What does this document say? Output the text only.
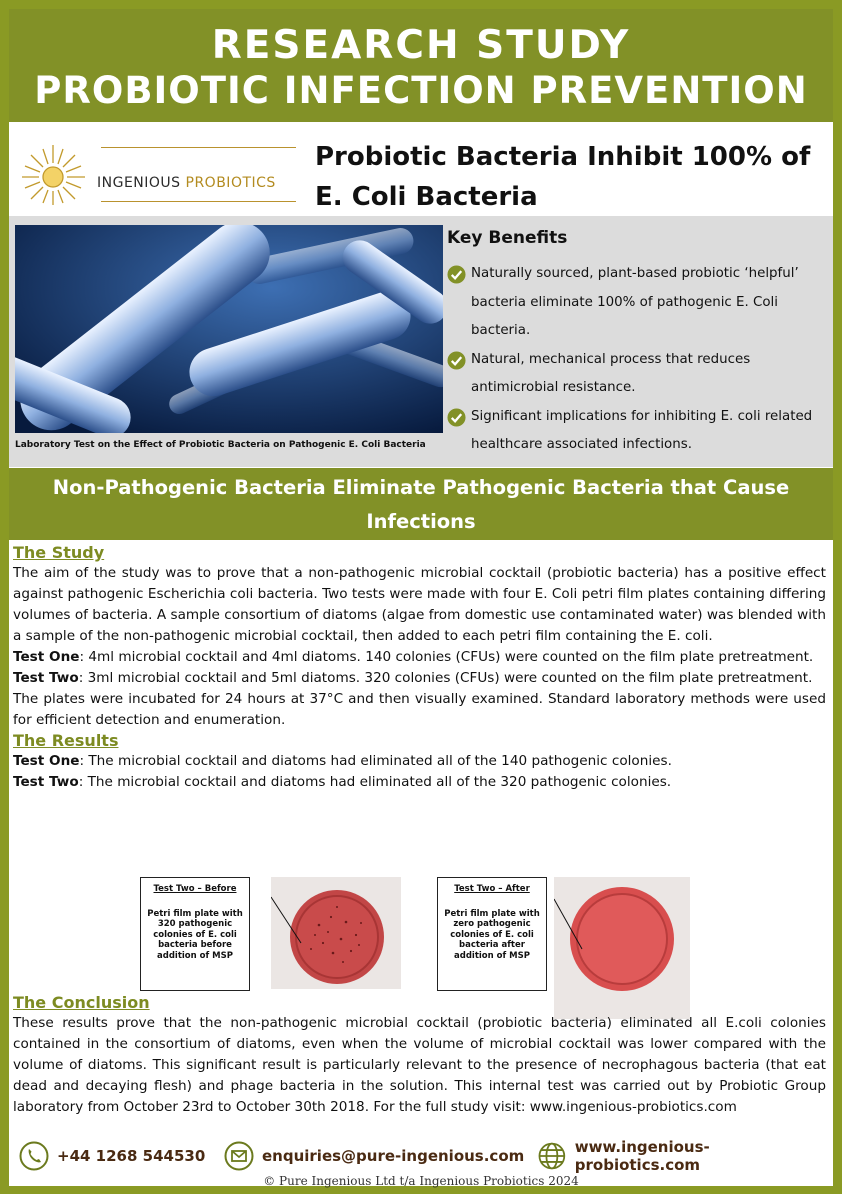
RESEARCH STUDY
PROBIOTIC INFECTION PREVENTION
INGENIOUS PROBIOTICS
Probiotic Bacteria Inhibit 100% of E. Coli Bacteria
Laboratory Test on the Effect of Probiotic Bacteria on Pathogenic E. Coli Bacteria
Key Benefits
Naturally sourced, plant-based probiotic ‘helpful’ bacteria eliminate 100% of pathogenic E. Coli bacteria.
Natural, mechanical process that reduces antimicrobial resistance.
Significant implications for inhibiting E. coli related healthcare associated infections.
Non-Pathogenic Bacteria Eliminate Pathogenic Bacteria that Cause Infections
The Study

The aim of the study was to prove that a non-pathogenic microbial cocktail (probiotic bacteria) has a positive effect against pathogenic Escherichia coli bacteria. Two tests were made with four E. Coli petri film plates containing differing volumes of bacteria. A sample consortium of diatoms (algae from domestic use contaminated water) was blended with a sample of the non-pathogenic microbial cocktail, then added to each petri film containing the E. coli.

Test One: 4ml microbial cocktail and 4ml diatoms. 140 colonies (CFUs) were counted on the film plate pretreatment.

Test Two: 3ml microbial cocktail and 5ml diatoms. 320 colonies (CFUs) were counted on the film plate pretreatment.

The plates were incubated for 24 hours at 37°C and then visually examined. Standard laboratory methods were used for efficient detection and enumeration.

The Results

Test One: The microbial cocktail and diatoms had eliminated all of the 140 pathogenic colonies.

Test Two: The microbial cocktail and diatoms had eliminated all of the 320 pathogenic colonies.

Test Two – Before
Petri film plate with 320 pathogenic colonies of E. coli bacteria before addition of MSP
Test Two – After
Petri film plate with zero pathogenic colonies of E. coli bacteria after addition of MSP
The Conclusion

These results prove that the non-pathogenic microbial cocktail (probiotic bacteria) eliminated all E.coli colonies contained in the consortium of diatoms, even when the volume of microbial cocktail was lower compared with the volume of diatoms. This significant result is particularly relevant to the presence of necrophagous bacteria (that eat dead and decaying flesh) and phage bacteria in the solution. This internal test was carried out by Probiotic Group laboratory from October 23rd to October 30th 2018. For the full study visit: www.ingenious-probiotics.com

+44 1268 544530	enquiries@pure-ingenious.com	www.ingenious-probiotics.com
© Pure Ingenious Ltd t/a Ingenious Probiotics 2024
